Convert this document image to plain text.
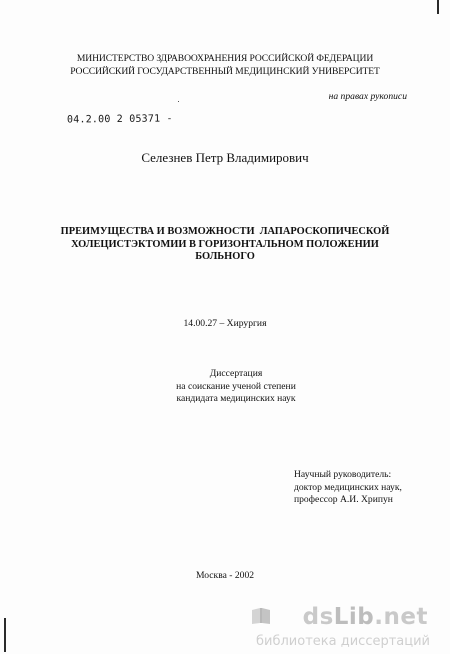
МИНИСТЕРСТВО ЗДРАВООХРАНЕНИЯ РОССИЙСКОЙ ФЕДЕРАЦИИ
РОССИЙСКИЙ ГОСУДАРСТВЕННЫЙ МЕДИЦИНСКИЙ УНИВЕРСИТЕТ
на правах рукописи
04.2.00 2 05371 -
Селезнев Петр Владимирович
ПРЕИМУЩЕСТВА И ВОЗМОЖНОСТИ  ЛАПАРОСКОПИЧЕСКОЙ
ХОЛЕЦИСТЭКТОМИИ В ГОРИЗОНТАЛЬНОМ ПОЛОЖЕНИИ
БОЛЬНОГО
14.00.27 – Хирургия
Диссертация
на соискание ученой степени
кандидата медицинских наук
Научный руководитель:
доктор медицинских наук,
профессор А.И. Хрипун
Москва - 2002
dsLib.net
библиотека диссертаций
